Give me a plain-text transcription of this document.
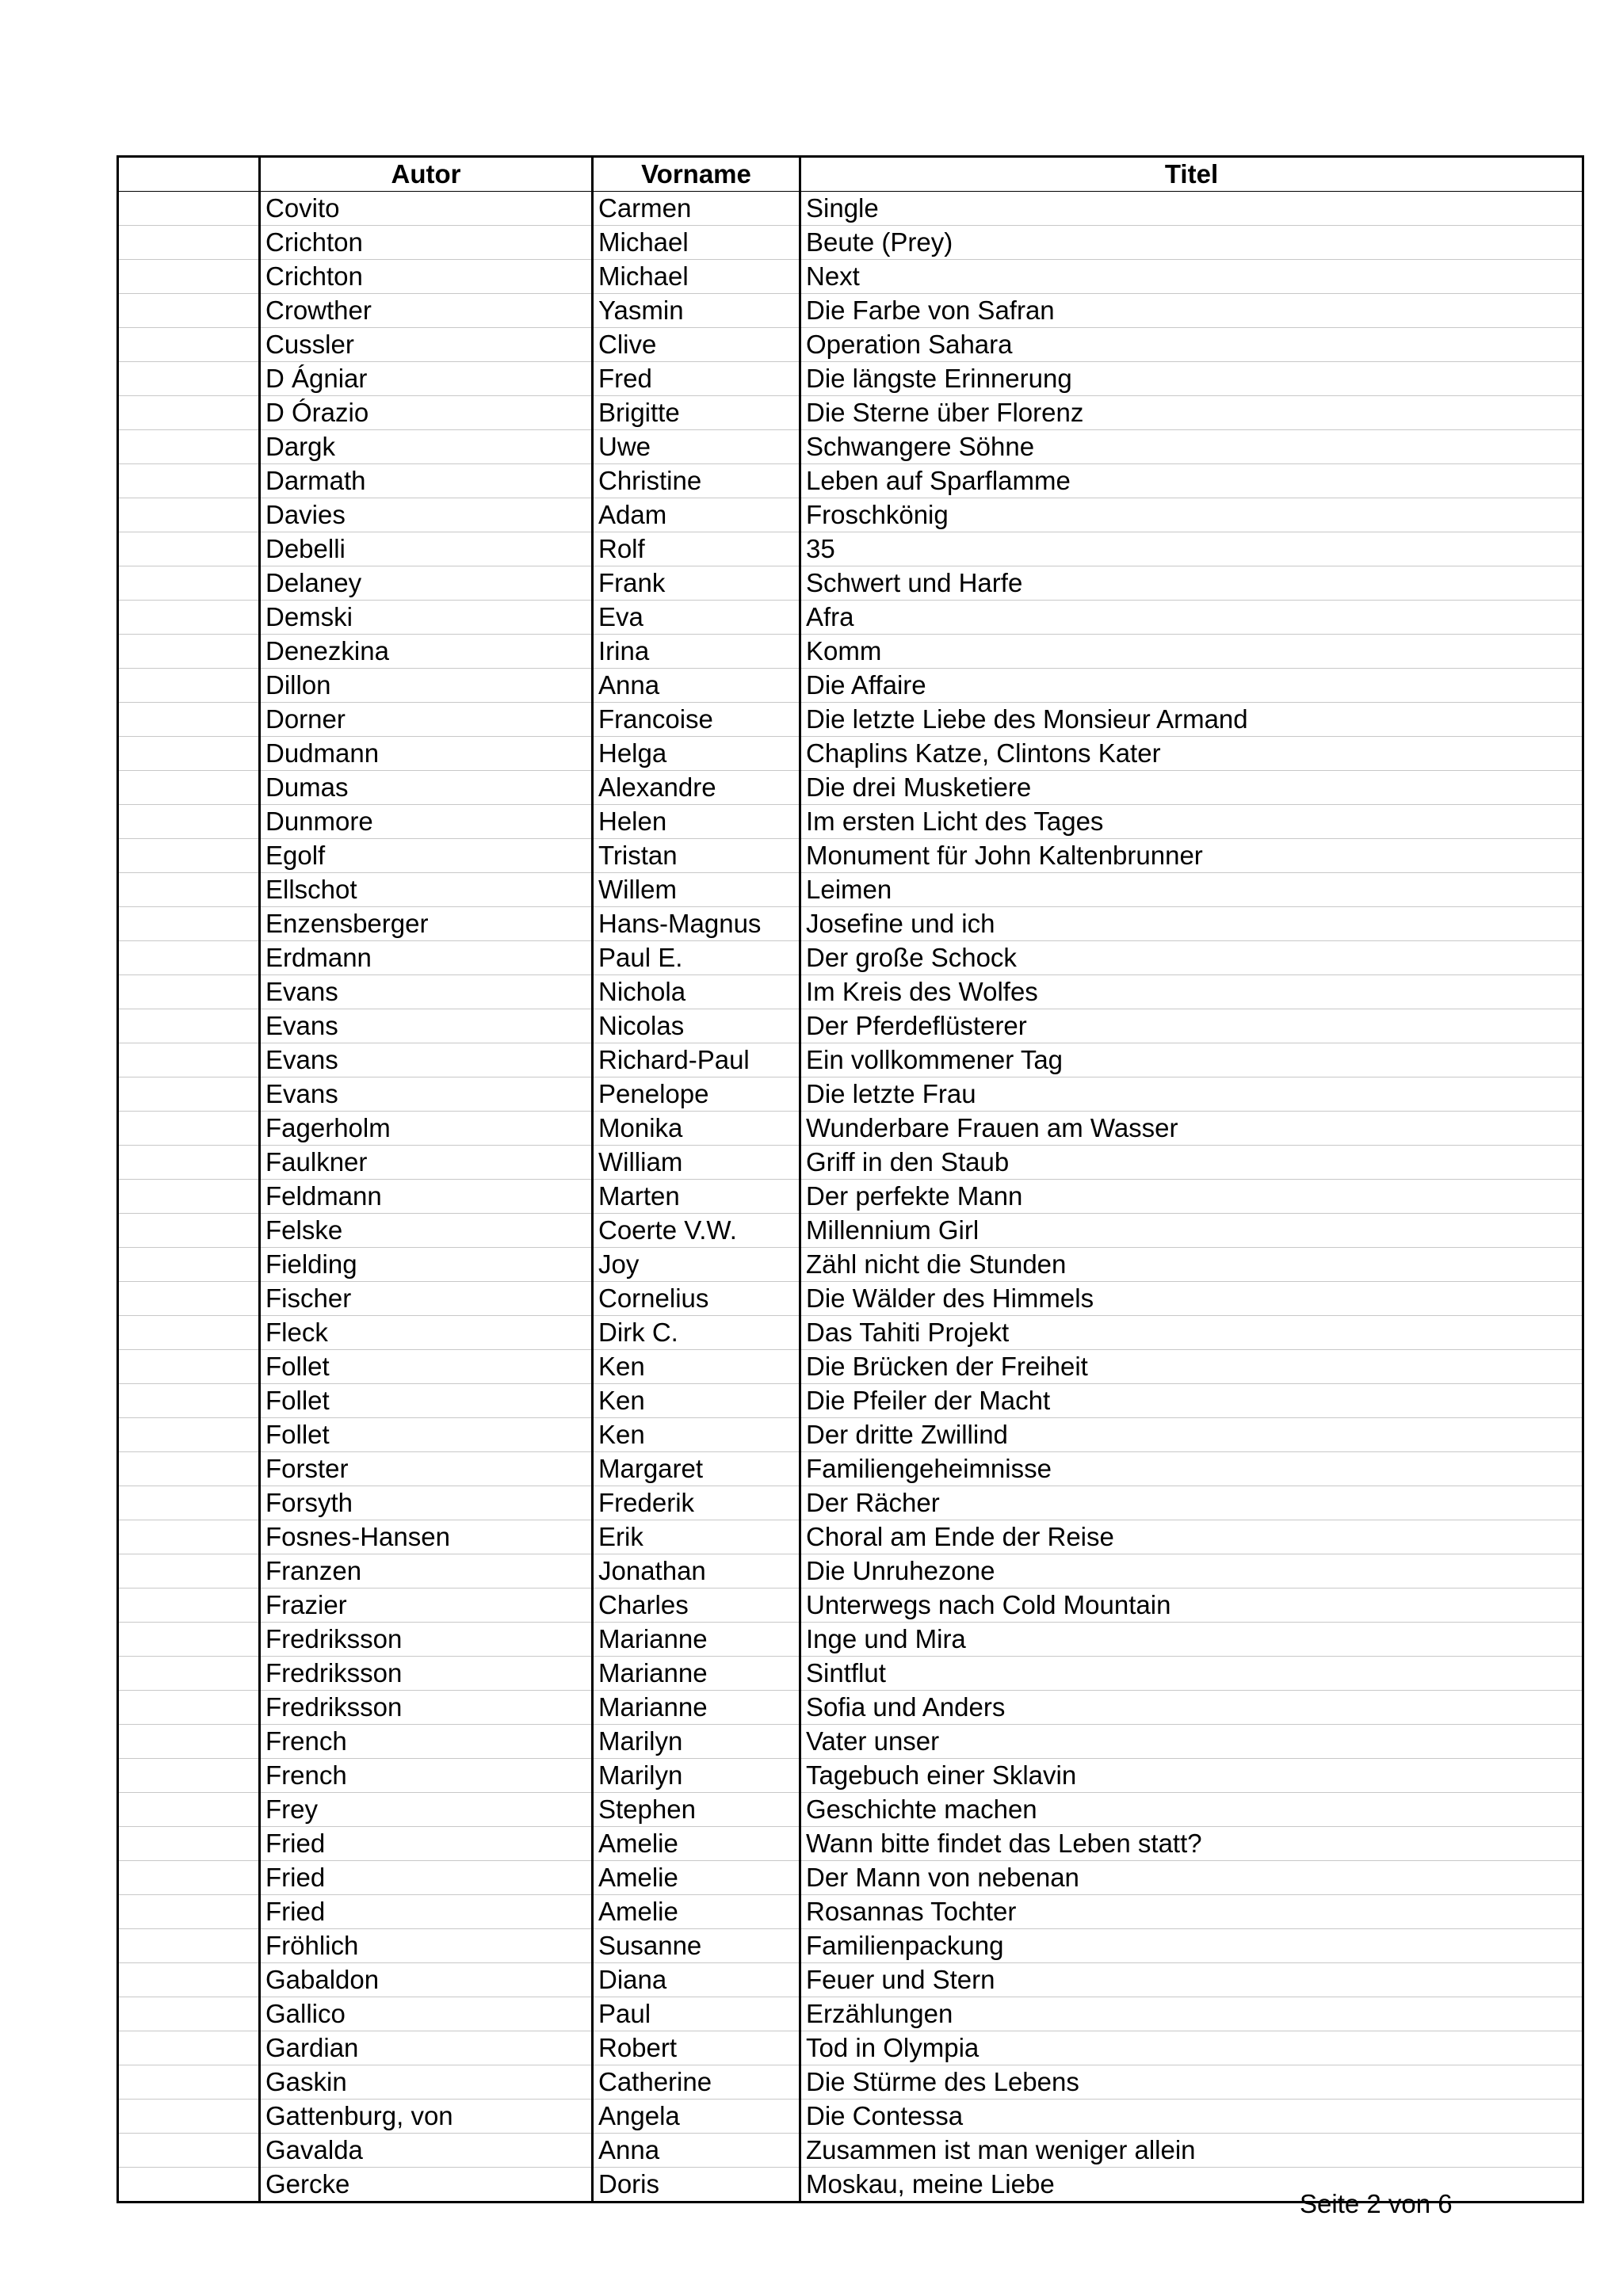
	Autor	Vorname	Titel
	Covito	Carmen	Single
	Crichton	Michael	Beute (Prey)
	Crichton	Michael	Next
	Crowther	Yasmin	Die Farbe von Safran
	Cussler	Clive	Operation Sahara
	D Ágniar	Fred	Die längste Erinnerung
	D Órazio	Brigitte	Die Sterne über Florenz
	Dargk	Uwe	Schwangere Söhne
	Darmath	Christine	Leben auf Sparflamme
	Davies	Adam	Froschkönig
	Debelli	Rolf	35
	Delaney	Frank	Schwert und Harfe
	Demski	Eva	Afra
	Denezkina	Irina	Komm
	Dillon	Anna	Die Affaire
	Dorner	Francoise	Die letzte Liebe des Monsieur Armand
	Dudmann	Helga	Chaplins Katze, Clintons Kater
	Dumas	Alexandre	Die drei Musketiere
	Dunmore	Helen	Im ersten Licht des Tages
	Egolf	Tristan	Monument für John Kaltenbrunner
	Ellschot	Willem	Leimen
	Enzensberger	Hans-Magnus	Josefine und ich
	Erdmann	Paul E.	Der große Schock
	Evans	Nichola	Im Kreis des Wolfes
	Evans	Nicolas	Der Pferdeflüsterer
	Evans	Richard-Paul	Ein vollkommener Tag
	Evans	Penelope	Die letzte Frau
	Fagerholm	Monika	Wunderbare Frauen am Wasser
	Faulkner	William	Griff in den Staub
	Feldmann	Marten	Der perfekte Mann
	Felske	Coerte V.W.	Millennium Girl
	Fielding	Joy	Zähl nicht die Stunden
	Fischer	Cornelius	Die Wälder des Himmels
	Fleck	Dirk C.	Das Tahiti Projekt
	Follet	Ken	Die Brücken der Freiheit
	Follet	Ken	Die Pfeiler der Macht
	Follet	Ken	Der dritte Zwillind
	Forster	Margaret	Familiengeheimnisse
	Forsyth	Frederik	Der Rächer
	Fosnes-Hansen	Erik	Choral am Ende der Reise
	Franzen	Jonathan	Die Unruhezone
	Frazier	Charles	Unterwegs nach Cold Mountain
	Fredriksson	Marianne	Inge und Mira
	Fredriksson	Marianne	Sintflut
	Fredriksson	Marianne	Sofia und Anders
	French	Marilyn	Vater unser
	French	Marilyn	Tagebuch einer Sklavin
	Frey	Stephen	Geschichte machen
	Fried	Amelie	Wann bitte findet das Leben statt?
	Fried	Amelie	Der Mann von nebenan
	Fried	Amelie	Rosannas Tochter
	Fröhlich	Susanne	Familienpackung
	Gabaldon	Diana	Feuer und Stern
	Gallico	Paul	Erzählungen
	Gardian	Robert	Tod in Olympia
	Gaskin	Catherine	Die Stürme des Lebens
	Gattenburg, von	Angela	Die Contessa
	Gavalda	Anna	Zusammen ist man weniger allein
	Gercke	Doris	Moskau, meine Liebe
Seite 2 von 6
